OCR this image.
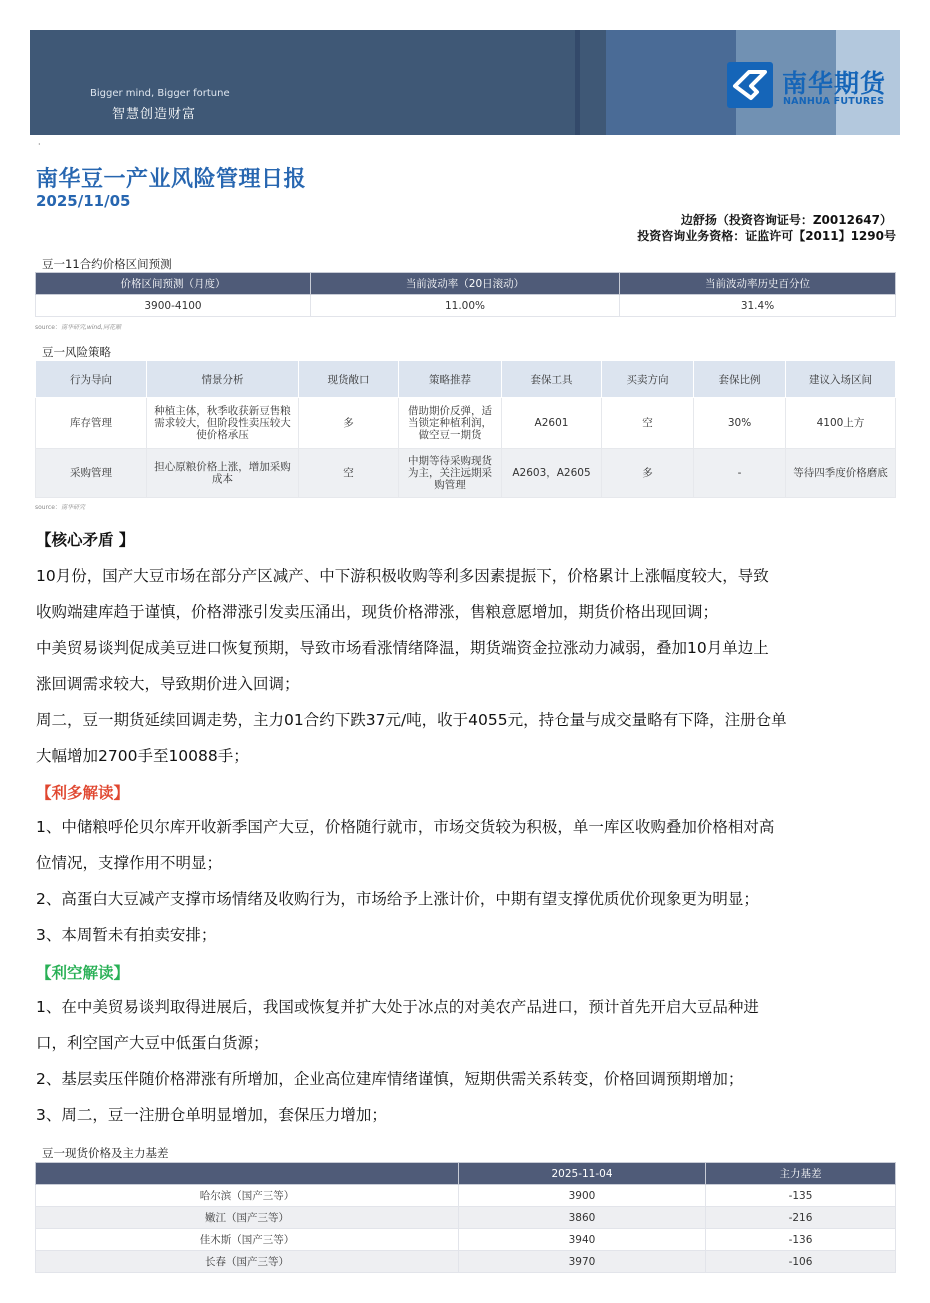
Bigger mind, Bigger fortune
智慧创造财富
南华期货
NANHUA FUTURES
·
南华豆一产业风险管理日报
2025/11/05
边舒扬（投资咨询证号：Z0012647）
投资咨询业务资格：证监许可【2011】1290号
豆一11合约价格区间预测
价格区间预测（月度）	当前波动率（20日滚动）	当前波动率历史百分位
3900-4100	11.00%	31.4%
source：南华研究,wind,同花顺
豆一风险策略
行为导向	情景分析	现货敞口	策略推荐	套保工具	买卖方向	套保比例	建议入场区间
库存管理	种植主体，秋季收获新豆售粮需求较大，但阶段性卖压较大使价格承压	多	借助期价反弹，适当锁定种植利润，做空豆一期货	A2601	空	30%	4100上方
采购管理	担心原粮价格上涨，增加采购成本	空	中期等待采购现货为主，关注远期采购管理	A2603，A2605	多	-	等待四季度价格磨底
source：南华研究
【核心矛盾 】
10月份，国产大豆市场在部分产区减产、中下游积极收购等利多因素提振下，价格累计上涨幅度较大，导致
收购端建库趋于谨慎，价格滞涨引发卖压涌出，现货价格滞涨，售粮意愿增加，期货价格出现回调；
中美贸易谈判促成美豆进口恢复预期，导致市场看涨情绪降温，期货端资金拉涨动力减弱，叠加10月单边上
涨回调需求较大，导致期价进入回调；
周二，豆一期货延续回调走势，主力01合约下跌37元/吨，收于4055元，持仓量与成交量略有下降，注册仓单
大幅增加2700手至10088手；
【利多解读】
1、中储粮呼伦贝尔库开收新季国产大豆，价格随行就市，市场交货较为积极，单一库区收购叠加价格相对高
位情况，支撑作用不明显；
2、高蛋白大豆减产支撑市场情绪及收购行为，市场给予上涨计价，中期有望支撑优质优价现象更为明显；
3、本周暂未有拍卖安排；
【利空解读】
1、在中美贸易谈判取得进展后，我国或恢复并扩大处于冰点的对美农产品进口，预计首先开启大豆品种进
口，利空国产大豆中低蛋白货源；
2、基层卖压伴随价格滞涨有所增加，企业高位建库情绪谨慎，短期供需关系转变，价格回调预期增加；
3、周二，豆一注册仓单明显增加，套保压力增加；
豆一现货价格及主力基差
	2025-11-04	主力基差
哈尔滨（国产三等）	3900	-135
嫩江（国产三等）	3860	-216
佳木斯（国产三等）	3940	-136
长春（国产三等）	3970	-106
